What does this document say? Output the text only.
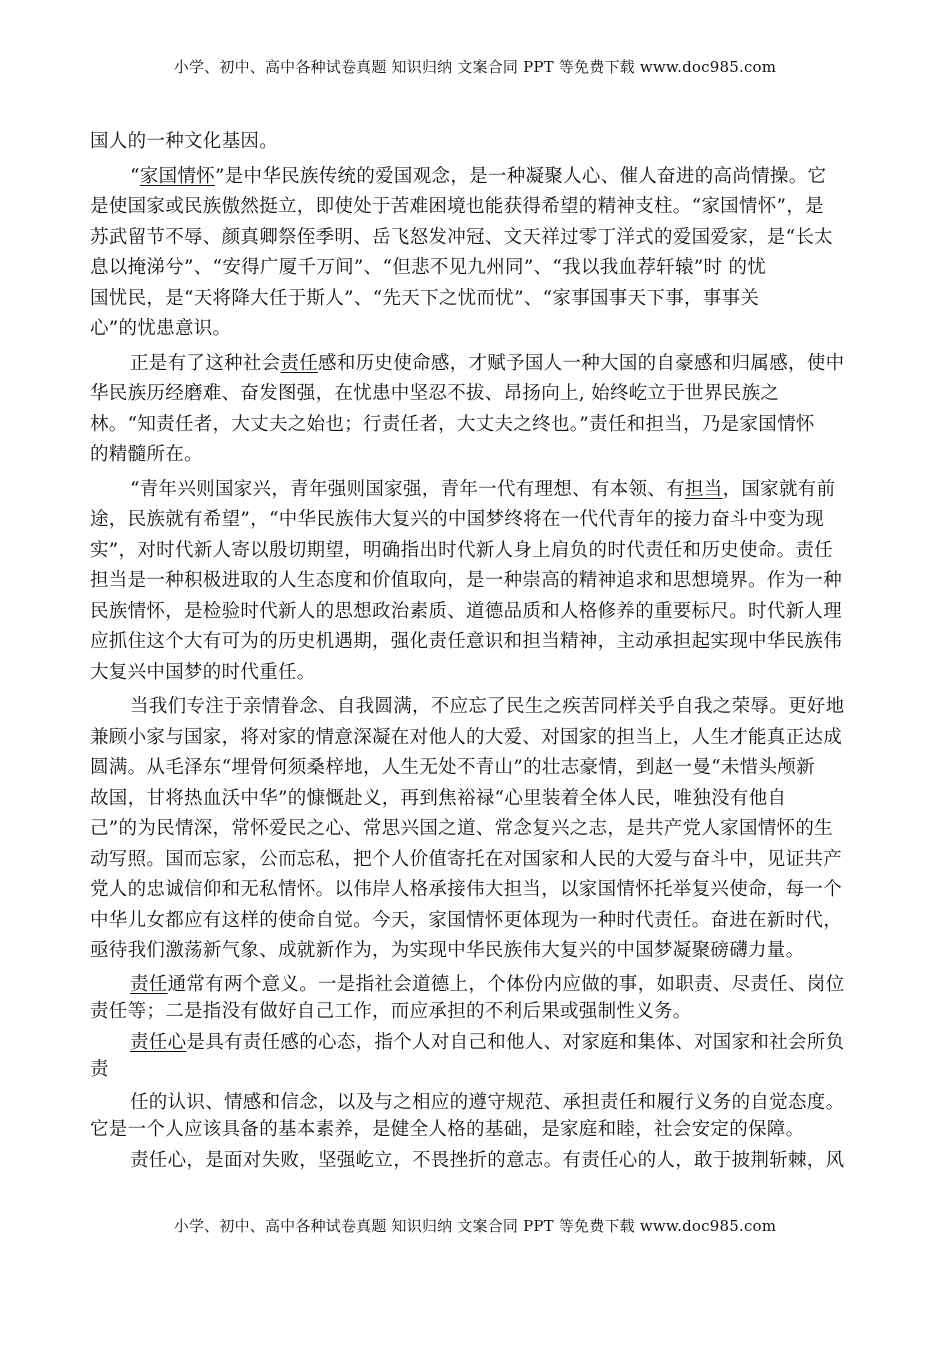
小学、初中、高中各种试卷真题 知识归纳 文案合同 PPT 等免费下载 www.doc985.com
国人的一种文化基因。
“家国情怀”是中华民族传统的爱国观念，是一种凝聚人心、催人奋进的高尚情操。它
是使国家或民族傲然挺立，即使处于苦难困境也能获得希望的精神支柱。“家国情怀”，是
苏武留节不辱、颜真卿祭侄季明、岳飞怒发冲冠、文天祥过零丁洋式的爱国爱家，是“长太
息以掩涕兮”、“安得广厦千万间”、“但悲不见九州同”、“我以我血荐轩辕”时 的忧
国忧民，是“天将降大任于斯人”、“先天下之忧而忧”、“家事国事天下事，事事关
心”的忧患意识。
正是有了这种社会责任感和历史使命感，才赋予国人一种大国的自豪感和归属感，使中
华民族历经磨难、奋发图强，在忧患中坚忍不拔、昂扬向上, 始终屹立于世界民族之
林。“知责任者，大丈夫之始也；行责任者，大丈夫之终也。”责任和担当，乃是家国情怀
的精髓所在。
“青年兴则国家兴，青年强则国家强，青年一代有理想、有本领、有担当，国家就有前
途，民族就有希望”，“中华民族伟大复兴的中国梦终将在一代代青年的接力奋斗中变为现
实”，对时代新人寄以殷切期望，明确指出时代新人身上肩负的时代责任和历史使命。责任
担当是一种积极进取的人生态度和价值取向，是一种崇高的精神追求和思想境界。作为一种
民族情怀，是检验时代新人的思想政治素质、道德品质和人格修养的重要标尺。时代新人理
应抓住这个大有可为的历史机遇期，强化责任意识和担当精神，主动承担起实现中华民族伟
大复兴中国梦的时代重任。
当我们专注于亲情眷念、自我圆满，不应忘了民生之疾苦同样关乎自我之荣辱。更好地
兼顾小家与国家，将对家的情意深凝在对他人的大爱、对国家的担当上，人生才能真正达成
圆满。从毛泽东“埋骨何须桑梓地，人生无处不青山”的壮志豪情，到赵一曼“未惜头颅新
故国，甘将热血沃中华”的慷慨赴义，再到焦裕禄“心里装着全体人民，唯独没有他自
己”的为民情深，常怀爱民之心、常思兴国之道、常念复兴之志，是共产党人家国情怀的生
动写照。国而忘家，公而忘私，把个人价值寄托在对国家和人民的大爱与奋斗中，见证共产
党人的忠诚信仰和无私情怀。以伟岸人格承接伟大担当，以家国情怀托举复兴使命，每一个
中华儿女都应有这样的使命自觉。今天，家国情怀更体现为一种时代责任。奋进在新时代，
亟待我们激荡新气象、成就新作为，为实现中华民族伟大复兴的中国梦凝聚磅礴力量。
责任通常有两个意义。一是指社会道德上，个体份内应做的事，如职责、尽责任、岗位
责任等；二是指没有做好自己工作，而应承担的不利后果或强制性义务。
责任心是具有责任感的心态，指个人对自己和他人、对家庭和集体、对国家和社会所负
责
任的认识、情感和信念，以及与之相应的遵守规范、承担责任和履行义务的自觉态度。
它是一个人应该具备的基本素养，是健全人格的基础，是家庭和睦，社会安定的保障。
责任心，是面对失败，坚强屹立，不畏挫折的意志。有责任心的人，敢于披荆斩棘，风
小学、初中、高中各种试卷真题 知识归纳 文案合同 PPT 等免费下载 www.doc985.com
